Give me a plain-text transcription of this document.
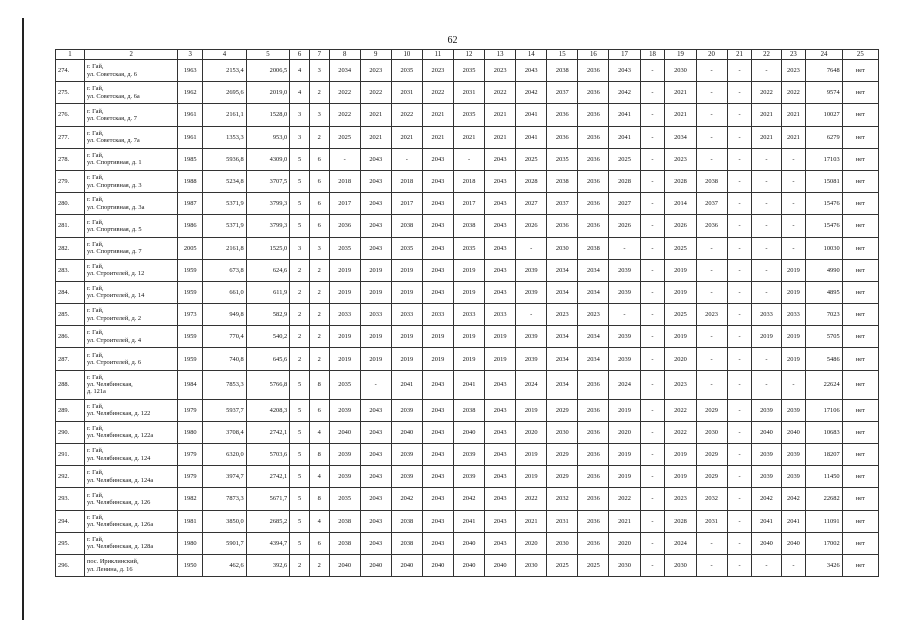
62
1	2	3	4	5	6	7	8	9	10	11	12	13	14	15	16	17	18	19	20	21	22	23	24	25
274.	г. Гай,
ул. Советская, д. 6	1963	2153,4	2006,5	4	3	2034	2023	2035	2023	2035	2023	2043	2038	2036	2043	-	2030	-	-	-	2023	7648	нет
275.	г. Гай,
ул. Советская, д. 6а	1962	2695,6	2019,0	4	2	2022	2022	2031	2022	2031	2022	2042	2037	2036	2042	-	2021	-	-	2022	2022	9574	нет
276.	г. Гай,
ул. Советская, д. 7	1961	2161,1	1528,0	3	3	2022	2021	2022	2021	2035	2021	2041	2036	2036	2041	-	2021	-	-	2021	2021	10027	нет
277.	г. Гай,
ул. Советская, д. 7а	1961	1353,3	953,0	3	2	2025	2021	2021	2021	2021	2021	2041	2036	2036	2041	-	2034	-	-	2021	2021	6279	нет
278.	г. Гай,
ул. Спортивная, д. 1	1985	5936,8	4309,0	5	6	-	2043	-	2043	-	2043	2025	2035	2036	2025	-	2023	-	-	-	-	17103	нет
279.	г. Гай,
ул. Спортивная, д. 3	1988	5234,8	3707,5	5	6	2018	2043	2018	2043	2018	2043	2028	2038	2036	2028	-	2028	2038	-	-	-	15081	нет
280.	г. Гай,
ул. Спортивная, д. 3а	1987	5371,9	3799,3	5	6	2017	2043	2017	2043	2017	2043	2027	2037	2036	2027	-	2014	2037	-	-	-	15476	нет
281.	г. Гай,
ул. Спортивная, д. 5	1986	5371,9	3799,3	5	6	2036	2043	2038	2043	2038	2043	2026	2036	2036	2026	-	2026	2036	-	-	-	15476	нет
282.	г. Гай,
ул. Спортивная, д. 7	2005	2161,8	1525,0	3	3	2035	2043	2035	2043	2035	2043	-	2030	2038	-	-	2025	-	-	-	-	10030	нет
283.	г. Гай,
ул. Строителей, д. 12	1959	673,8	624,6	2	2	2019	2019	2019	2043	2019	2043	2039	2034	2034	2039	-	2019	-	-	-	2019	4990	нет
284.	г. Гай,
ул. Строителей, д. 14	1959	661,0	611,9	2	2	2019	2019	2019	2043	2019	2043	2039	2034	2034	2039	-	2019	-	-	-	2019	4895	нет
285.	г. Гай,
ул. Строителей, д. 2	1973	949,8	582,9	2	2	2033	2033	2033	2033	2033	2033	-	2023	2023	-	-	2025	2023	-	2033	2033	7023	нет
286.	г. Гай,
ул. Строителей, д. 4	1959	770,4	540,2	2	2	2019	2019	2019	2019	2019	2019	2039	2034	2034	2039	-	2019	-	-	2019	2019	5705	нет
287.	г. Гай,
ул. Строителей, д. 6	1959	740,8	645,6	2	2	2019	2019	2019	2019	2019	2019	2039	2034	2034	2039	-	2020	-	-	-	2019	5486	нет
288.	г. Гай,
ул. Челябинская,
д. 121а	1984	7853,3	5766,8	5	8	2035	-	2041	2043	2041	2043	2024	2034	2036	2024	-	2023	-	-	-	-	22624	нет
289.	г. Гай,
ул. Челябинская, д. 122	1979	5937,7	4208,3	5	6	2039	2043	2039	2043	2038	2043	2019	2029	2036	2019	-	2022	2029	-	2039	2039	17106	нет
290.	г. Гай,
ул. Челябинская, д. 122а	1980	3708,4	2742,1	5	4	2040	2043	2040	2043	2040	2043	2020	2030	2036	2020	-	2022	2030	-	2040	2040	10683	нет
291.	г. Гай,
ул. Челябинская, д. 124	1979	6320,0	5703,6	5	8	2039	2043	2039	2043	2039	2043	2019	2029	2036	2019	-	2019	2029	-	2039	2039	18207	нет
292.	г. Гай,
ул. Челябинская, д. 124а	1979	3974,7	2742,1	5	4	2039	2043	2039	2043	2039	2043	2019	2029	2036	2019	-	2019	2029	-	2039	2039	11450	нет
293.	г. Гай,
ул. Челябинская, д. 126	1982	7873,3	5671,7	5	8	2035	2043	2042	2043	2042	2043	2022	2032	2036	2022	-	2023	2032	-	2042	2042	22682	нет
294.	г. Гай,
ул. Челябинская, д. 126а	1981	3850,0	2685,2	5	4	2038	2043	2038	2043	2041	2043	2021	2031	2036	2021	-	2028	2031	-	2041	2041	11091	нет
295.	г. Гай,
ул. Челябинская, д. 128а	1980	5901,7	4394,7	5	6	2038	2043	2038	2043	2040	2043	2020	2030	2036	2020	-	2024	-	-	2040	2040	17002	нет
296.	пос. Ириклинский,
ул. Ленина, д. 16	1950	462,6	392,6	2	2	2040	2040	2040	2040	2040	2040	2030	2025	2025	2030	-	2030	-	-	-	-	3426	нет
